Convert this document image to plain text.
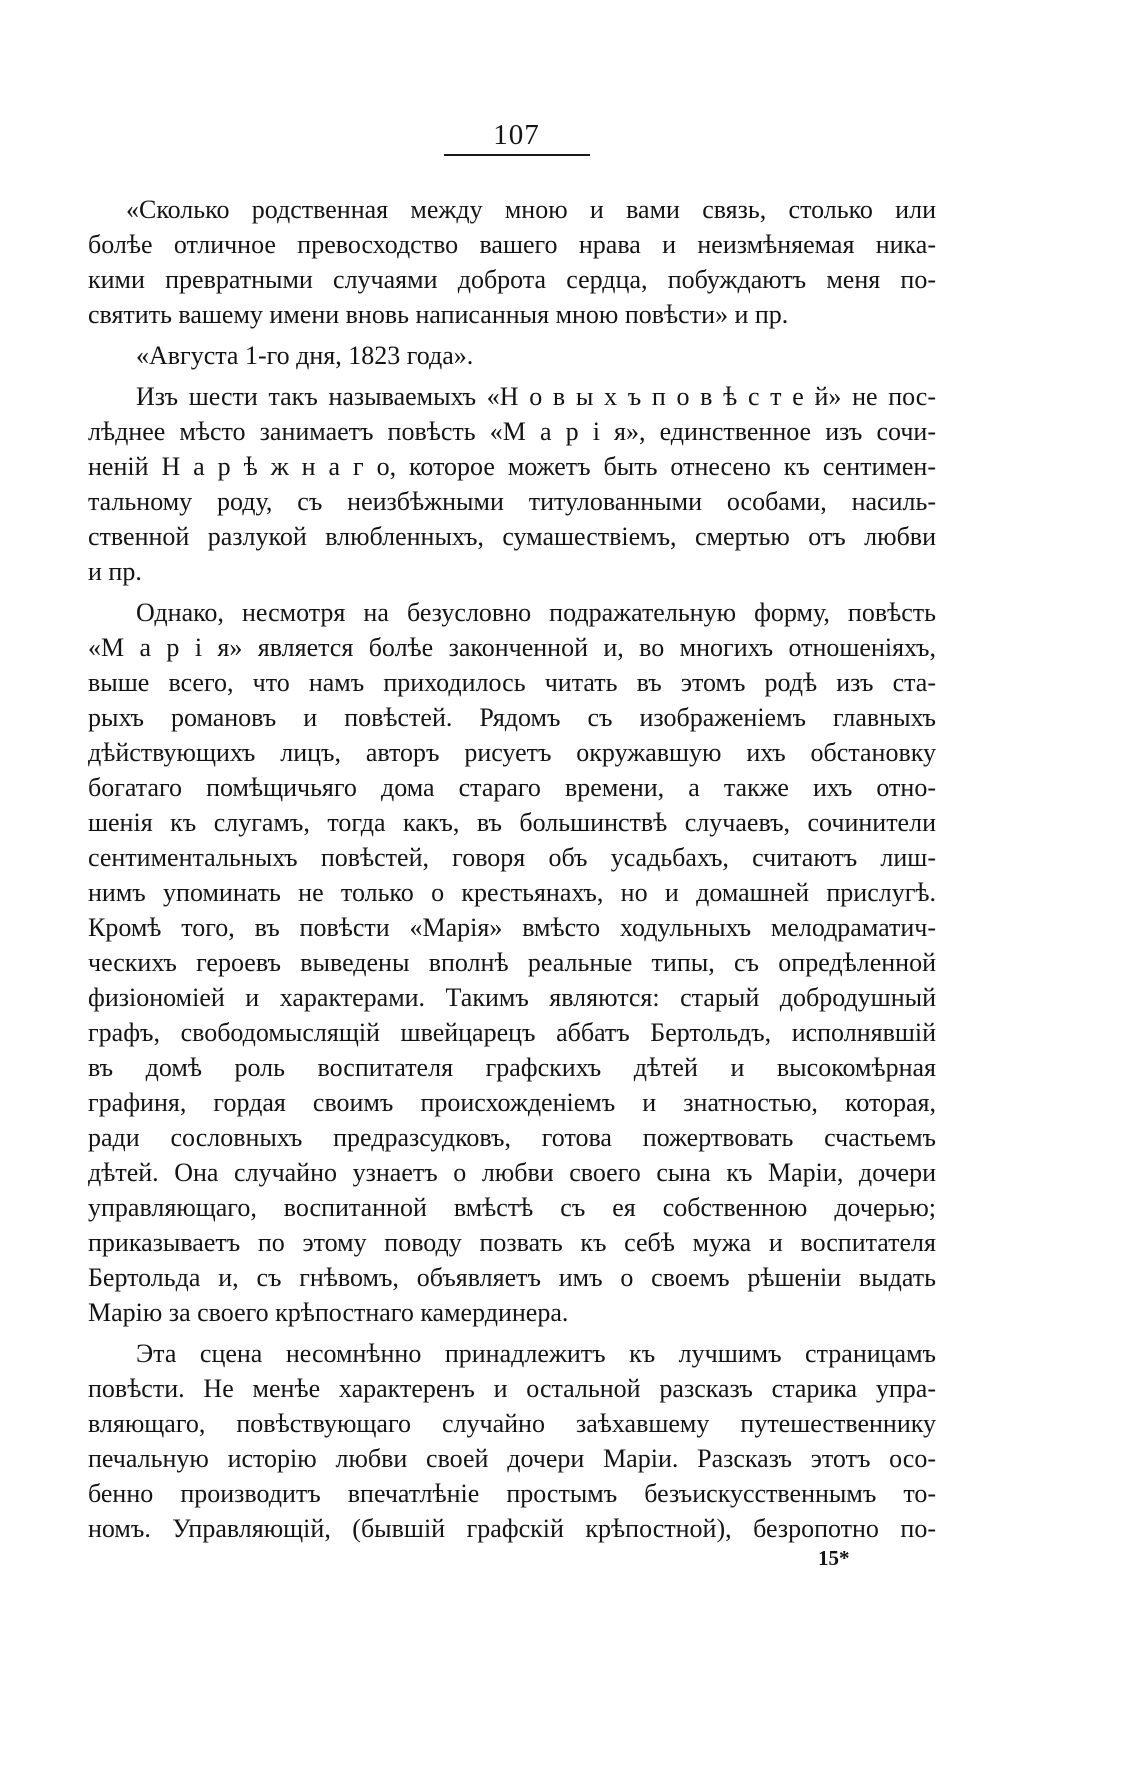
107
«Сколько родственная между мною и вами связь, столько или
болѣе отличное превосходство вашего нрава и неизмѣняемая ника-
кими превратными случаями доброта сердца, побуждаютъ меня по-
святить вашему имени вновь написанныя мною повѣсти» и пр.
«Августа 1-го дня, 1823 года».
Изъ шести такъ называемыхъ «Н о в ы х ъ п о в ѣ с т е й» не пос-
лѣднее мѣсто занимаетъ повѣсть «М а р і я», единственное изъ сочи-
неній Н а р ѣ ж н а г о, которое можетъ быть отнесено къ сентимен-
тальному роду, съ неизбѣжными титулованными особами, насиль-
ственной разлукой влюбленныхъ, сумашествіемъ, смертью отъ любви
и пр.
Однако, несмотря на безусловно подражательную форму, повѣсть
«М а р і я» является болѣе законченной и, во многихъ отношеніяхъ,
выше всего, что намъ приходилось читать въ этомъ родѣ изъ ста-
рыхъ романовъ и повѣстей. Рядомъ съ изображеніемъ главныхъ
дѣйствующихъ лицъ, авторъ рисуетъ окружавшую ихъ обстановку
богатаго помѣщичьяго дома стараго времени, а также ихъ отно-
шенія къ слугамъ, тогда какъ, въ большинствѣ случаевъ, сочинители
сентиментальныхъ повѣстей, говоря объ усадьбахъ, считаютъ лиш-
нимъ упоминать не только о крестьянахъ, но и домашней прислугѣ.
Кромѣ того, въ повѣсти «Марія» вмѣсто ходульныхъ мелодраматич-
ческихъ героевъ выведены вполнѣ реальные типы, съ опредѣленной
физіономіей и характерами. Такимъ являются: старый добродушный
графъ, свободомыслящій швейцарецъ аббатъ Бертольдъ, исполнявшій
въ домѣ роль воспитателя графскихъ дѣтей и высокомѣрная
графиня, гордая своимъ происхожденіемъ и знатностью, которая,
ради сословныхъ предразсудковъ, готова пожертвовать счастьемъ
дѣтей. Она случайно узнаетъ о любви своего сына къ Маріи, дочери
управляющаго, воспитанной вмѣстѣ съ ея собственною дочерью;
приказываетъ по этому поводу позвать къ себѣ мужа и воспитателя
Бертольда и, съ гнѣвомъ, объявляетъ имъ о своемъ рѣшеніи выдать
Марію за своего крѣпостнаго камердинера.
Эта сцена несомнѣнно принадлежитъ къ лучшимъ страницамъ
повѣсти. Не менѣе характеренъ и остальной разсказъ старика упра-
вляющаго, повѣствующаго случайно заѣхавшему путешественнику
печальную исторію любви своей дочери Маріи. Разсказъ этотъ осо-
бенно производитъ впечатлѣніе простымъ безъискусственнымъ то-
номъ. Управляющій, (бывшій графскій крѣпостной), безропотно по-
15*
